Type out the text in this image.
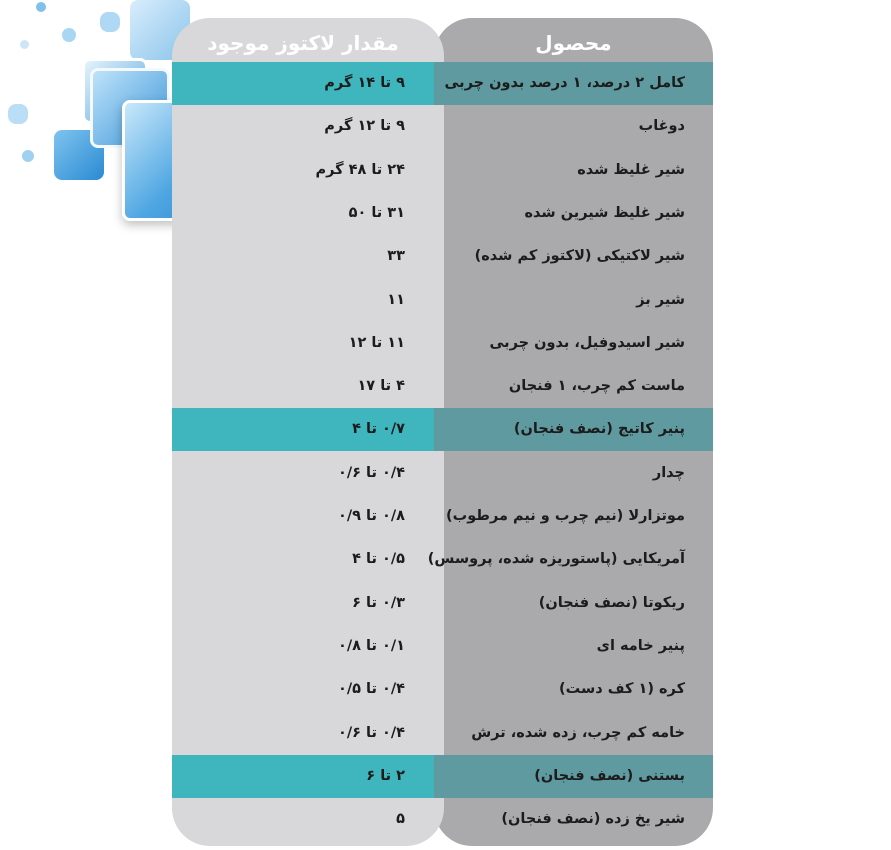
محصول
مقدار لاکتوز موجود
کامل ۲ درصد، ۱ درصد بدون چربی
۹ تا ۱۴ گرم
دوغاب
۹ تا ۱۲ گرم
شیر غلیظ شده
۲۴ تا ۴۸ گرم
شیر غلیظ شیرین شده
۳۱ تا ۵۰
شیر لاکتیکی (لاکتوز کم شده)
۳۳
شیر بز
۱۱
شیر اسیدوفیل، بدون چربی
۱۱ تا ۱۲
ماست کم چرب، ۱ فنجان
۴ تا ۱۷
پنیر کاتیج (نصف فنجان)
۰/۷ تا ۴
چدار
۰/۴ تا ۰/۶
موتزارلا (نیم چرب و نیم مرطوب)
۰/۸ تا ۰/۹
آمریکایی (پاستوریزه شده، پروسس)
۰/۵ تا ۴
ریکوتا (نصف فنجان)
۰/۳ تا ۶
پنیر خامه ای
۰/۱ تا ۰/۸
کره (۱ کف دست)
۰/۴ تا ۰/۵
خامه کم چرب، زده شده، ترش
۰/۴ تا ۰/۶
بستنی (نصف فنجان)
۲ تا ۶
شیر یخ زده (نصف فنجان)
۵
